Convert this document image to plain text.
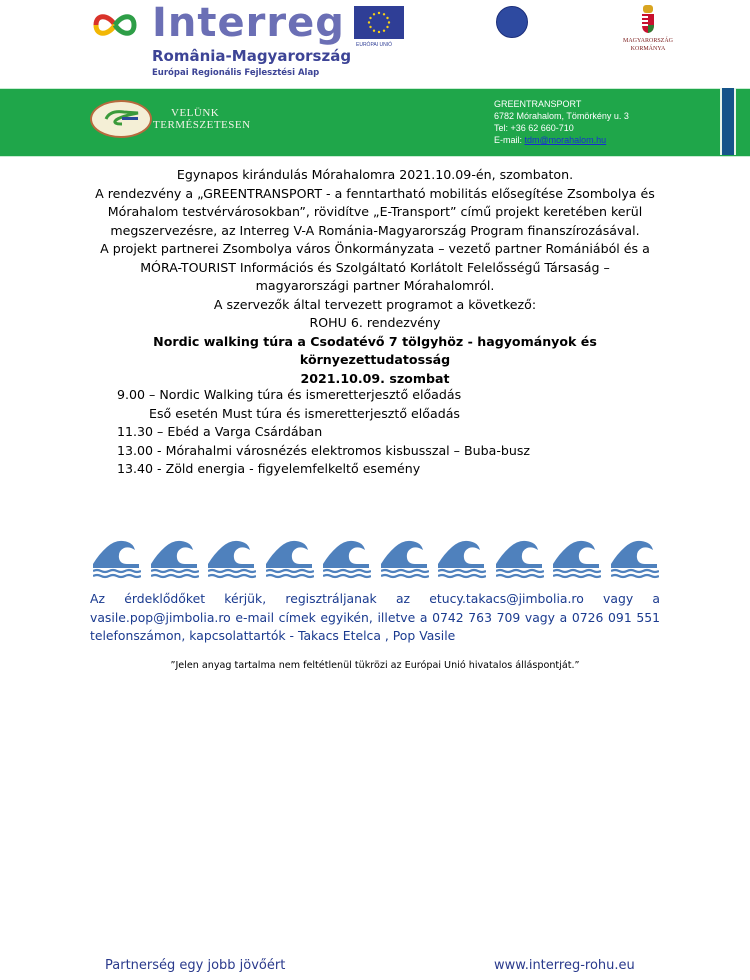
Interreg
România-Magyarország
Európai Regionális Fejlesztési Alap
EURÓPAI UNIÓ
MAGYARORSZÁG
KORMÁNYA
VELÜNK
TERMÉSZETESEN
GREENTRANSPORT
6782 Mórahalom, Tömörkény u. 3
Tel: +36 62 660-710
E-mail: tdm@morahalom.hu
Egynapos kirándulás Mórahalomra 2021.10.09-én, szombaton.
A rendezvény a „GREENTRANSPORT - a fenntartható mobilitás elősegítése Zsombolya és Mórahalom testvérvárosokban”, rövidítve „E-Transport” című projekt keretében kerül megszervezésre, az Interreg V-A Románia-Magyarország Program finanszírozásával.
A projekt partnerei Zsombolya város Önkormányzata – vezető partner Romániából és a MÓRA-TOURIST Információs és Szolgáltató Korlátolt Felelősségű Társaság – magyarországi partner Mórahalomról.
A szervezők által tervezett programot a következő:
ROHU 6. rendezvény
Nordic walking túra a Csodatévő 7 tölgyhöz - hagyományok és környezettudatosság
2021.10.09. szombat
9.00 – Nordic Walking túra és ismeretterjesztő előadás
Eső esetén Must túra és ismeretterjesztő előadás
11.30 – Ebéd a Varga Csárdában
13.00 - Mórahalmi városnézés elektromos kisbusszal – Buba-busz
13.40 - Zöld energia - figyelemfelkeltő esemény
Az érdeklődőket kérjük, regisztráljanak az etucy.takacs@jimbolia.ro vagy a vasile.pop@jimbolia.ro e-mail címek egyikén, illetve a 0742 763 709 vagy a 0726 091 551 telefonszámon, kapcsolattartók - Takacs Etelca , Pop Vasile
”Jelen anyag tartalma nem feltétlenül tükrözi az Európai Unió hivatalos álláspontját.”
Partnerség egy jobb jövőért	www.interreg-rohu.eu
